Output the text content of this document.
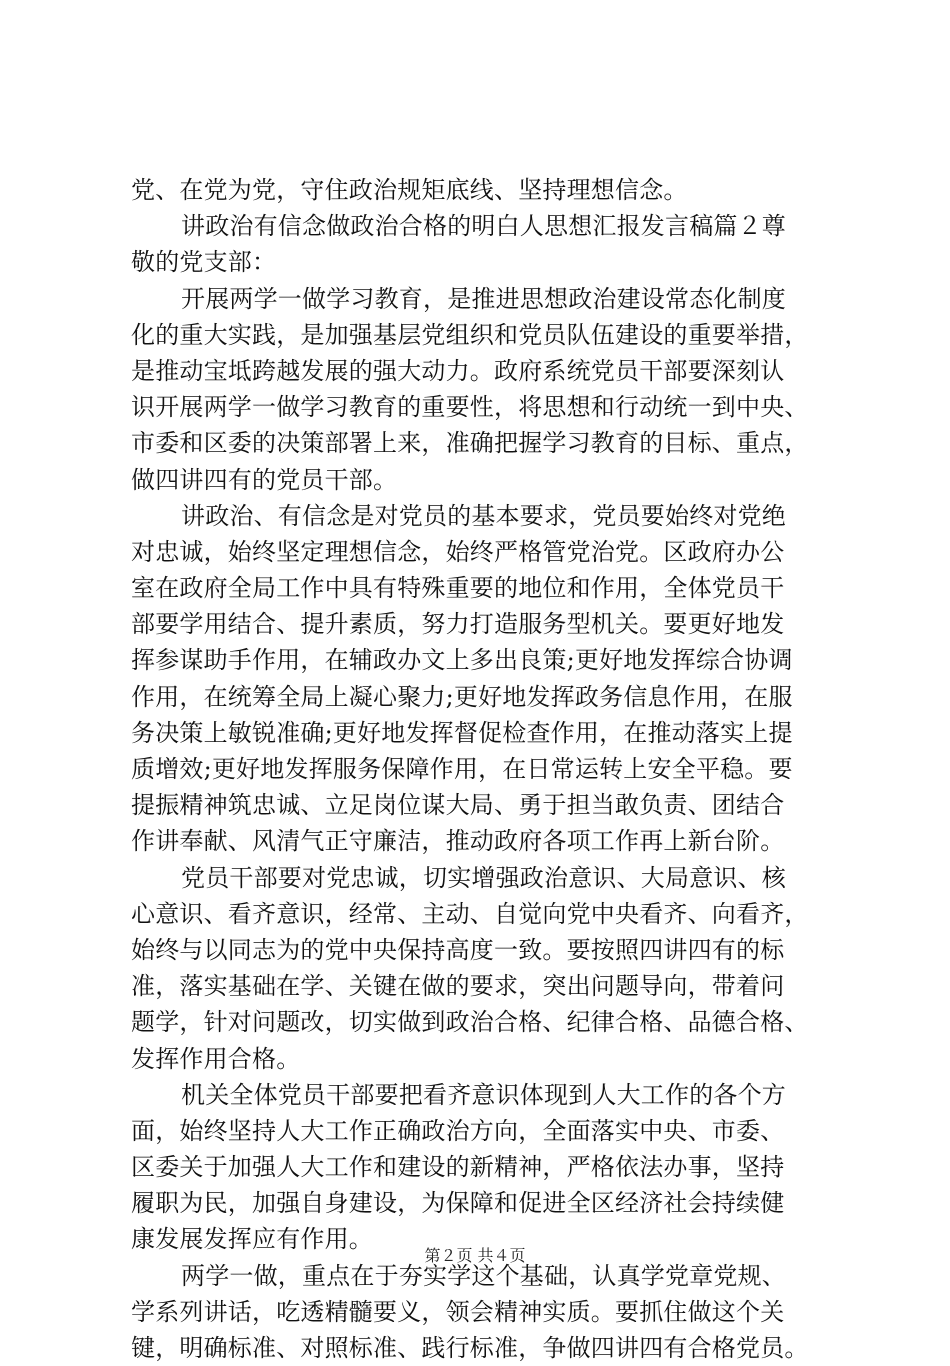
党、在党为党，守住政治规矩底线、坚持理想信念。
讲政治有信念做政治合格的明白人思想汇报发言稿篇２尊
敬的党支部：
开展两学一做学习教育，是推进思想政治建设常态化制度
化的重大实践，是加强基层党组织和党员队伍建设的重要举措，
是推动宝坻跨越发展的强大动力。政府系统党员干部要深刻认
识开展两学一做学习教育的重要性，将思想和行动统一到中央、
市委和区委的决策部署上来，准确把握学习教育的目标、重点，
做四讲四有的党员干部。
讲政治、有信念是对党员的基本要求，党员要始终对党绝
对忠诚，始终坚定理想信念，始终严格管党治党。区政府办公
室在政府全局工作中具有特殊重要的地位和作用，全体党员干
部要学用结合、提升素质，努力打造服务型机关。要更好地发
挥参谋助手作用，在辅政办文上多出良策;更好地发挥综合协调
作用，在统筹全局上凝心聚力;更好地发挥政务信息作用，在服
务决策上敏锐准确;更好地发挥督促检查作用，在推动落实上提
质增效;更好地发挥服务保障作用，在日常运转上安全平稳。要
提振精神筑忠诚、立足岗位谋大局、勇于担当敢负责、团结合
作讲奉献、风清气正守廉洁，推动政府各项工作再上新台阶。
党员干部要对党忠诚，切实增强政治意识、大局意识、核
心意识、看齐意识，经常、主动、自觉向党中央看齐、向看齐，
始终与以同志为的党中央保持高度一致。要按照四讲四有的标
准，落实基础在学、关键在做的要求，突出问题导向，带着问
题学，针对问题改，切实做到政治合格、纪律合格、品德合格、
发挥作用合格。
机关全体党员干部要把看齐意识体现到人大工作的各个方
面，始终坚持人大工作正确政治方向，全面落实中央、市委、
区委关于加强人大工作和建设的新精神，严格依法办事，坚持
履职为民，加强自身建设，为保障和促进全区经济社会持续健
康发展发挥应有作用。
两学一做，重点在于夯实学这个基础，认真学党章党规、
学系列讲话，吃透精髓要义，领会精神实质。要抓住做这个关
键，明确标准、对照标准、践行标准，争做四讲四有合格党员。
第２页 共４页
